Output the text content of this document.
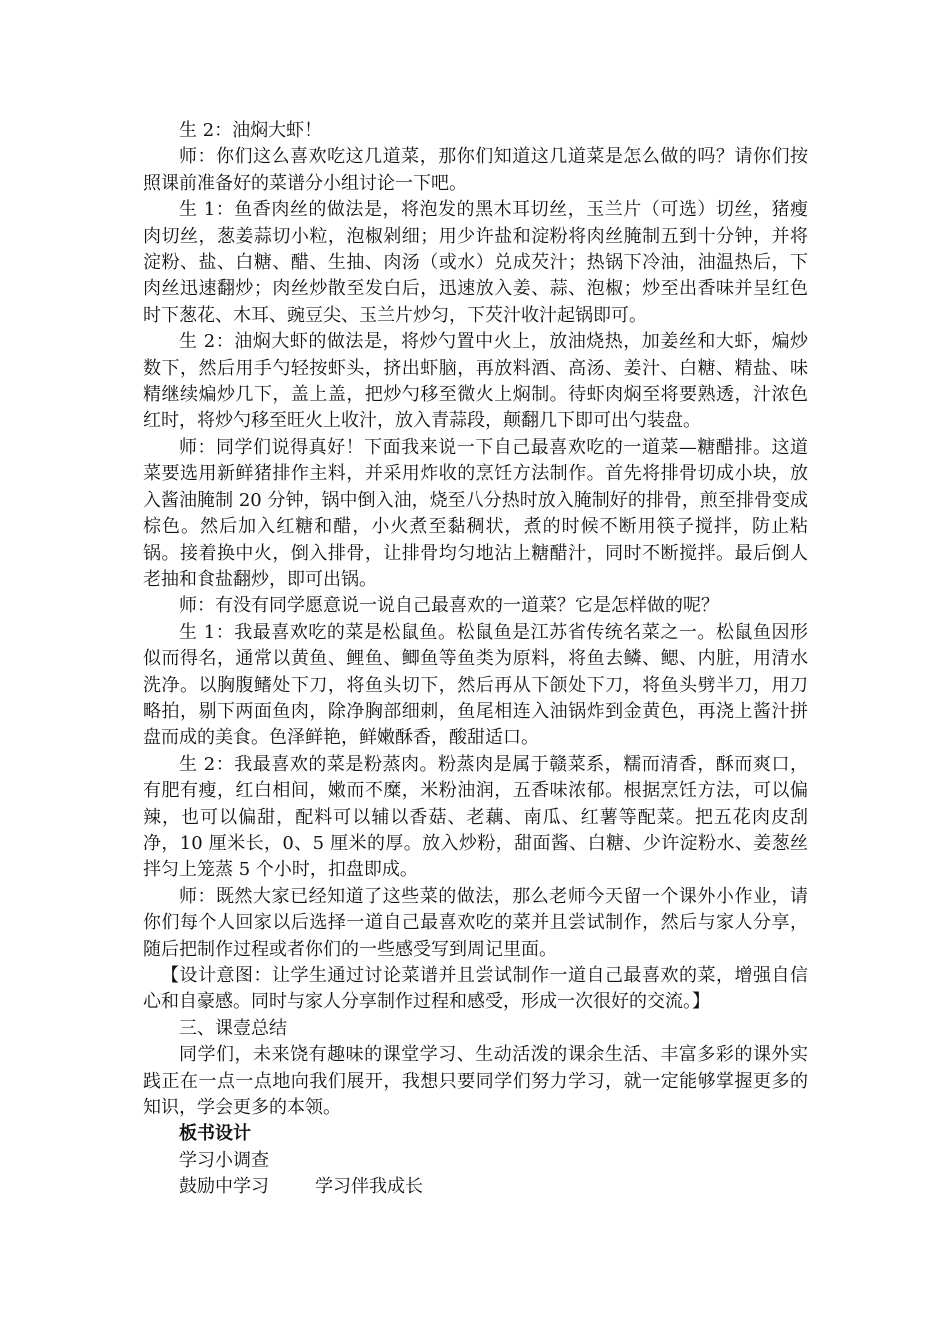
生 2：油焖大虾！

师：你们这么喜欢吃这几道菜，那你们知道这几道菜是怎么做的吗？请你们按照课前准备好的菜谱分小组讨论一下吧。

生 1：鱼香肉丝的做法是，将泡发的黑木耳切丝，玉兰片（可选）切丝，猪瘦肉切丝，葱姜蒜切小粒，泡椒剁细；用少许盐和淀粉将肉丝腌制五到十分钟，并将淀粉、盐、白糖、醋、生抽、肉汤（或水）兑成芡汁；热锅下冷油，油温热后，下肉丝迅速翻炒；肉丝炒散至发白后，迅速放入姜、蒜、泡椒；炒至出香味并呈红色时下葱花、木耳、豌豆尖、玉兰片炒匀，下芡汁收汁起锅即可。

生 2：油焖大虾的做法是，将炒勺置中火上，放油烧热，加姜丝和大虾，煸炒数下，然后用手勺轻按虾头，挤出虾脑，再放料酒、高汤、姜汁、白糖、精盐、味精继续煸炒几下，盖上盖，把炒勺移至微火上焖制。待虾肉焖至将要熟透，汁浓色红时，将炒勺移至旺火上收汁，放入青蒜段，颠翻几下即可出勺装盘。

师：同学们说得真好！下面我来说一下自己最喜欢吃的一道菜—糖醋排。这道菜要选用新鲜猪排作主料，并采用炸收的烹饪方法制作。首先将排骨切成小块，放入酱油腌制 20 分钟，锅中倒入油，烧至八分热时放入腌制好的排骨，煎至排骨变成棕色。然后加入红糖和醋，小火煮至黏稠状，煮的时候不断用筷子搅拌，防止粘锅。接着换中火，倒入排骨，让排骨均匀地沾上糖醋汁，同时不断搅拌。最后倒人老抽和食盐翻炒，即可出锅。

师：有没有同学愿意说一说自己最喜欢的一道菜？它是怎样做的呢？

生 1：我最喜欢吃的菜是松鼠鱼。松鼠鱼是江苏省传统名菜之一。松鼠鱼因形似而得名，通常以黄鱼、鲤鱼、鲫鱼等鱼类为原料，将鱼去鳞、鳃、内脏，用清水洗净。以胸腹鳍处下刀，将鱼头切下，然后再从下颌处下刀，将鱼头劈半刀，用刀略拍，剔下两面鱼肉，除净胸部细刺，鱼尾相连入油锅炸到金黄色，再浇上酱汁拼盘而成的美食。色泽鲜艳，鲜嫩酥香，酸甜适口。

生 2：我最喜欢的菜是粉蒸肉。粉蒸肉是属于赣菜系，糯而清香，酥而爽口，有肥有瘦，红白相间，嫩而不糜，米粉油润，五香味浓郁。根据烹饪方法，可以偏辣，也可以偏甜，配料可以辅以香菇、老藕、南瓜、红薯等配菜。把五花肉皮刮净，10 厘米长，0、5 厘米的厚。放入炒粉，甜面酱、白糖、少许淀粉水、姜葱丝拌匀上笼蒸 5 个小时，扣盘即成。

师：既然大家已经知道了这些菜的做法，那么老师今天留一个课外小作业，请你们每个人回家以后选择一道自己最喜欢吃的菜并且尝试制作，然后与家人分享，随后把制作过程或者你们的一些感受写到周记里面。

【设计意图：让学生通过讨论菜谱并且尝试制作一道自己最喜欢的菜，增强自信心和自豪感。同时与家人分享制作过程和感受，形成一次很好的交流。】

三、课壹总结

同学们，未来饶有趣味的课堂学习、生动活泼的课余生活、丰富多彩的课外实践正在一点一点地向我们展开，我想只要同学们努力学习，就一定能够掌握更多的知识，学会更多的本领。

板书设计

学习小调查

鼓励中学习	学习伴我成长
